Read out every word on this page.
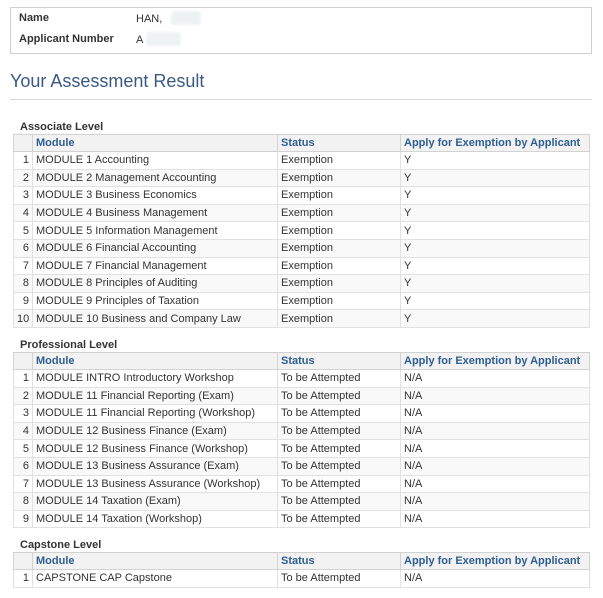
Name	HAN,
Applicant Number A
Your Assessment Result
Associate Level
	Module	Status	Apply for Exemption by Applicant
1	MODULE 1 Accounting	Exemption	Y
2	MODULE 2 Management Accounting	Exemption	Y
3	MODULE 3 Business Economics	Exemption	Y
4	MODULE 4 Business Management	Exemption	Y
5	MODULE 5 Information Management	Exemption	Y
6	MODULE 6 Financial Accounting	Exemption	Y
7	MODULE 7 Financial Management	Exemption	Y
8	MODULE 8 Principles of Auditing	Exemption	Y
9	MODULE 9 Principles of Taxation	Exemption	Y
10	MODULE 10 Business and Company Law	Exemption	Y
Professional Level
	Module	Status	Apply for Exemption by Applicant
1	MODULE INTRO Introductory Workshop	To be Attempted	N/A
2	MODULE 11 Financial Reporting (Exam)	To be Attempted	N/A
3	MODULE 11 Financial Reporting (Workshop)	To be Attempted	N/A
4	MODULE 12 Business Finance (Exam)	To be Attempted	N/A
5	MODULE 12 Business Finance (Workshop)	To be Attempted	N/A
6	MODULE 13 Business Assurance (Exam)	To be Attempted	N/A
7	MODULE 13 Business Assurance (Workshop)	To be Attempted	N/A
8	MODULE 14 Taxation (Exam)	To be Attempted	N/A
9	MODULE 14 Taxation (Workshop)	To be Attempted	N/A
Capstone Level
	Module	Status	Apply for Exemption by Applicant
1	CAPSTONE CAP Capstone	To be Attempted	N/A
